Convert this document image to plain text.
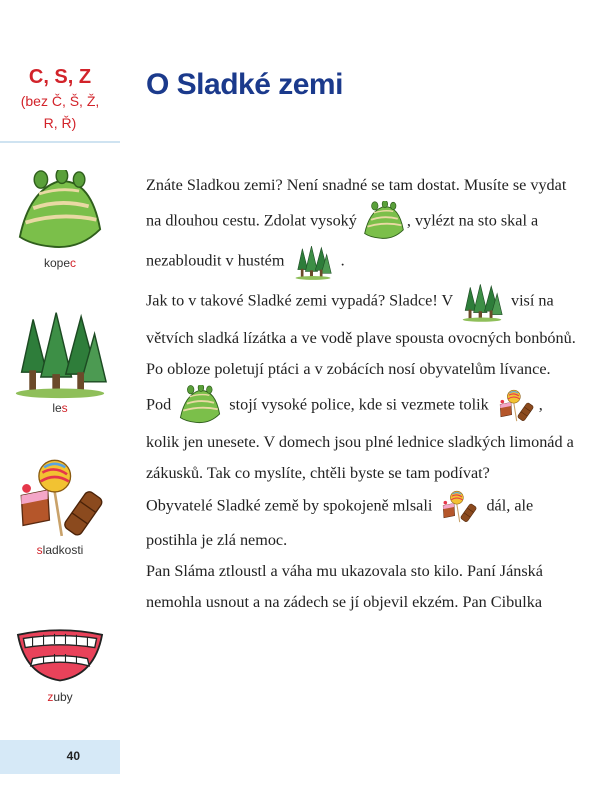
C, S, Z
(bez Č, Š, Ž,
R, Ř)
O Sladké zemi
kopec
les
sladkosti
zuby

Znáte Sladkou zemi? Není snadné se tam dostat. Musíte se vydat na dlouhou cestu. Zdolat vysoký	, vylézt na sto skal a nezabloudit v hustém	.

Jak to v takové Sladké zemi vypadá? Sladce! V	visí na větvích sladká lízátka a ve vodě plave spousta ovocných bonbónů. Po obloze poletují ptáci a v zobácích nosí obyvatelům lívance. Pod	stojí vysoké police, kde si vezmete tolik	, kolik jen unesete. V domech jsou plné lednice sladkých limonád a zákusků. Tak co myslíte, chtěli byste se tam podívat?

Obyvatelé Sladké země by spokojeně mlsali	dál, ale postihla je zlá nemoc.

Pan Sláma ztloustl a váha mu ukazovala sto kilo. Paní Jánská nemohla usnout a na zádech se jí objevil ekzém. Pan Cibulka

40
